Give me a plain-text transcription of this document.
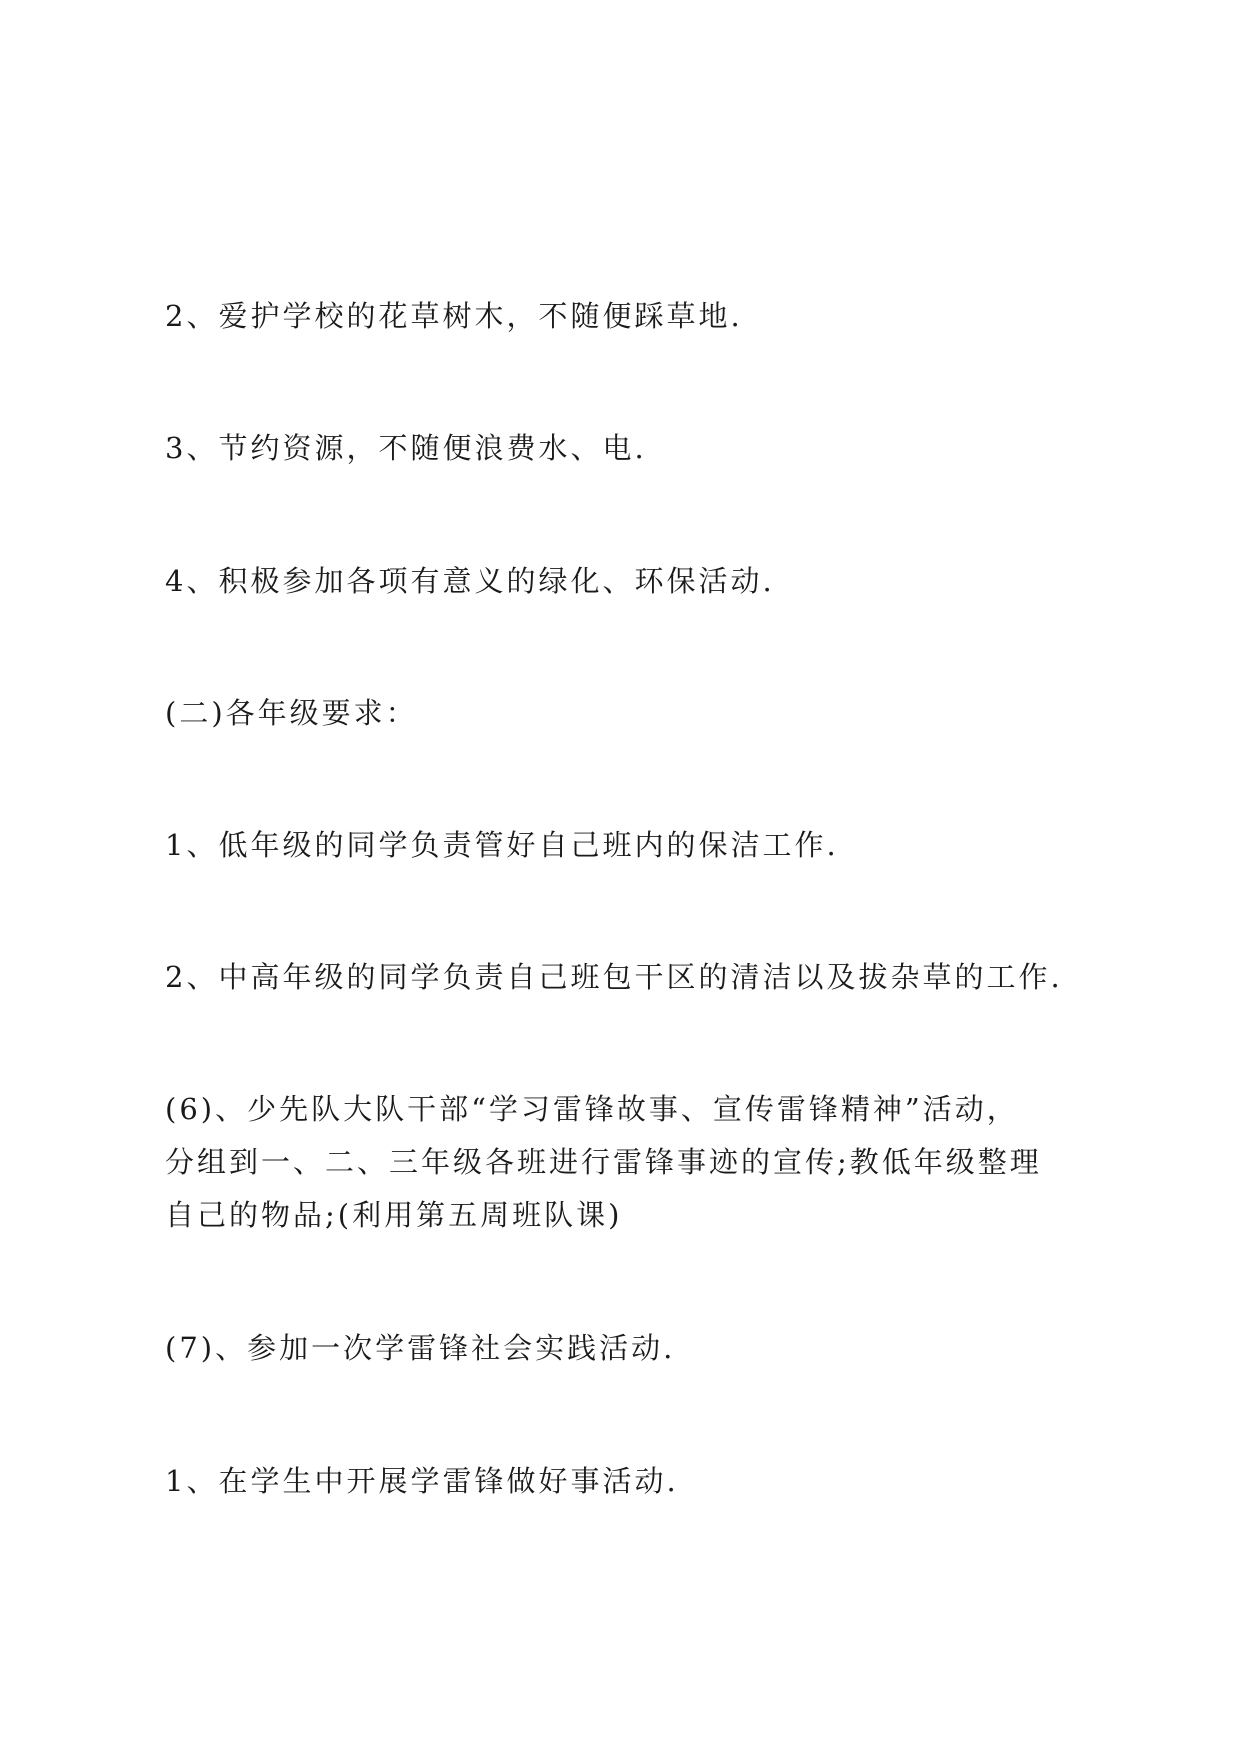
2、爱护学校的花草树木，不随便踩草地.

3、节约资源，不随便浪费水、电.

4、积极参加各项有意义的绿化、环保活动.

(二)各年级要求：

1、低年级的同学负责管好自己班内的保洁工作.

2、中高年级的同学负责自己班包干区的清洁以及拔杂草的工作.

(6)、少先队大队干部“学习雷锋故事、宣传雷锋精神”活动，
分组到一、二、三年级各班进行雷锋事迹的宣传;教低年级整理
自己的物品;(利用第五周班队课)

(7)、参加一次学雷锋社会实践活动.

1、在学生中开展学雷锋做好事活动.
